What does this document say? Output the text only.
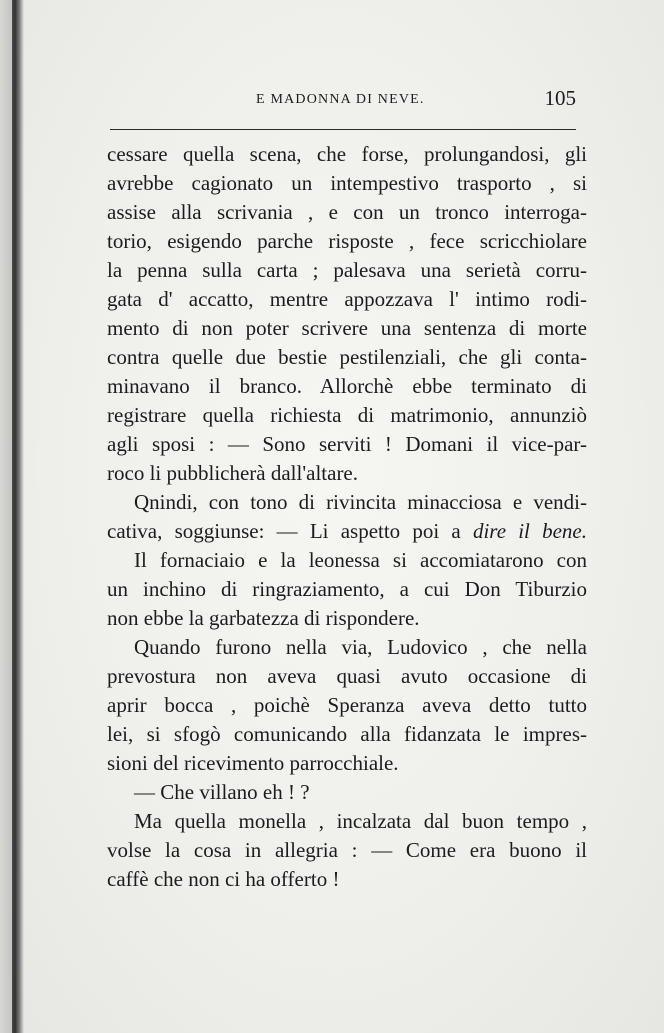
E MADONNA DI NEVE.	105
cessare quella scena, che forse, prolungandosi, gli
avrebbe cagionato un intempestivo trasporto , si
assise alla scrivania , e con un tronco interroga-
torio, esigendo parche risposte , fece scricchiolare
la penna sulla carta ; palesava una serietà corru-
gata d' accatto, mentre appozzava l' intimo rodi-
mento di non poter scrivere una sentenza di morte
contra quelle due bestie pestilenziali, che gli conta-
minavano il branco. Allorchè ebbe terminato di
registrare quella richiesta di matrimonio, annunziò
agli sposi : — Sono serviti ! Domani il vice-par-
roco li pubblicherà dall'altare.
Qnindi, con tono di rivincita minacciosa e vendi-
cativa, soggiunse: — Li aspetto poi a dire il bene.
Il fornaciaio e la leonessa si accomiatarono con
un inchino di ringraziamento, a cui Don Tiburzio
non ebbe la garbatezza di rispondere.
Quando furono nella via, Ludovico , che nella
prevostura non aveva quasi avuto occasione di
aprir bocca , poichè Speranza aveva detto tutto
lei, si sfogò comunicando alla fidanzata le impres-
sioni del ricevimento parrocchiale.
— Che villano eh ! ?
Ma quella monella , incalzata dal buon tempo ,
volse la cosa in allegria : — Come era buono il
caffè che non ci ha offerto !
